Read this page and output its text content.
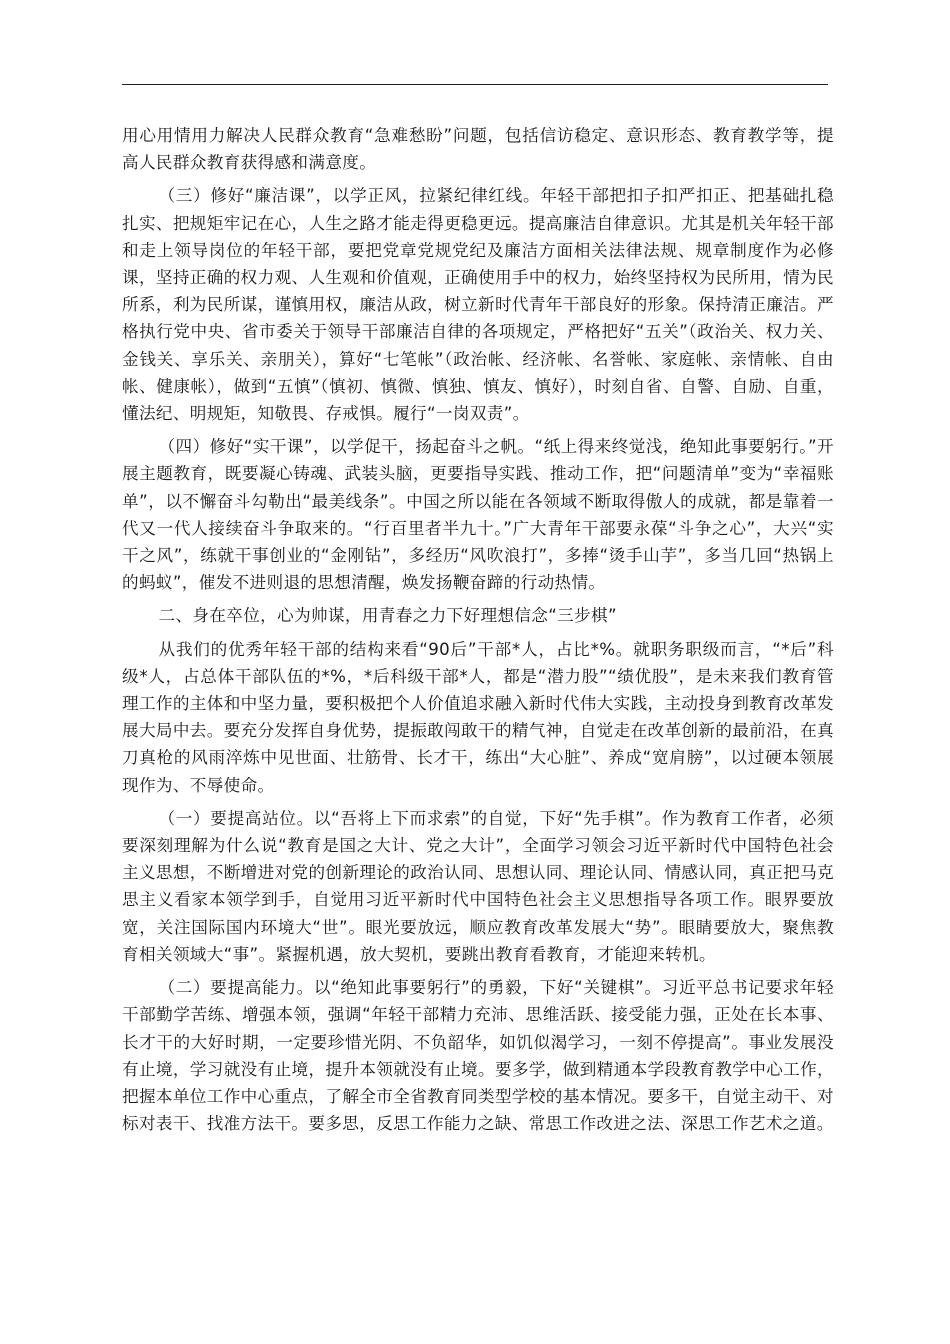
用心用情用力解决人民群众教育“急难愁盼”问题，包括信访稳定、意识形态、教育教学等，提高人民群众教育获得感和满意度。

（三）修好“廉洁课”，以学正风，拉紧纪律红线。年轻干部把扣子扣严扣正、把基础扎稳扎实、把规矩牢记在心，人生之路才能走得更稳更远。提高廉洁自律意识。尤其是机关年轻干部和走上领导岗位的年轻干部，要把党章党规党纪及廉洁方面相关法律法规、规章制度作为必修课，坚持正确的权力观、人生观和价值观，正确使用手中的权力，始终坚持权为民所用，情为民所系，利为民所谋，谨慎用权，廉洁从政，树立新时代青年干部良好的形象。保持清正廉洁。严格执行党中央、省市委关于领导干部廉洁自律的各项规定，严格把好“五关”（政治关、权力关、金钱关、享乐关、亲朋关），算好“七笔帐”（政治帐、经济帐、名誉帐、家庭帐、亲情帐、自由帐、健康帐），做到“五慎”（慎初、慎微、慎独、慎友、慎好），时刻自省、自警、自励、自重，懂法纪、明规矩，知敬畏、存戒惧。履行“一岗双责”。

（四）修好“实干课”，以学促干，扬起奋斗之帆。“纸上得来终觉浅，绝知此事要躬行。”开展主题教育，既要凝心铸魂、武装头脑，更要指导实践、推动工作，把“问题清单”变为“幸福账单”，以不懈奋斗勾勒出“最美线条”。中国之所以能在各领域不断取得傲人的成就，都是靠着一代又一代人接续奋斗争取来的。“行百里者半九十。”广大青年干部要永葆“斗争之心”，大兴“实干之风”，练就干事创业的“金刚钻”，多经历“风吹浪打”，多捧“烫手山芋”，多当几回“热锅上的蚂蚁”，催发不进则退的思想清醒，焕发扬鞭奋蹄的行动热情。

二、身在卒位，心为帅谋，用青春之力下好理想信念“三步棋”

从我们的优秀年轻干部的结构来看“90后”干部*人，占比*%。就职务职级而言，“*后”科级*人，占总体干部队伍的*%，*后科级干部*人，都是“潜力股”“绩优股”，是未来我们教育管理工作的主体和中坚力量，要积极把个人价值追求融入新时代伟大实践，主动投身到教育改革发展大局中去。要充分发挥自身优势，提振敢闯敢干的精气神，自觉走在改革创新的最前沿，在真刀真枪的风雨淬炼中见世面、壮筋骨、长才干，练出“大心脏”、养成“宽肩膀”，以过硬本领展现作为、不辱使命。

（一）要提高站位。以“吾将上下而求索”的自觉，下好“先手棋”。作为教育工作者，必须要深刻理解为什么说“教育是国之大计、党之大计”，全面学习领会习近平新时代中国特色社会主义思想，不断增进对党的创新理论的政治认同、思想认同、理论认同、情感认同，真正把马克思主义看家本领学到手，自觉用习近平新时代中国特色社会主义思想指导各项工作。眼界要放宽，关注国际国内环境大“世”。眼光要放远，顺应教育改革发展大“势”。眼睛要放大，聚焦教育相关领域大“事”。紧握机遇，放大契机，要跳出教育看教育，才能迎来转机。

（二）要提高能力。以“绝知此事要躬行”的勇毅，下好“关键棋”。习近平总书记要求年轻干部勤学苦练、增强本领，强调“年轻干部精力充沛、思维活跃、接受能力强，正处在长本事、长才干的大好时期，一定要珍惜光阴、不负韶华，如饥似渴学习，一刻不停提高”。事业发展没有止境，学习就没有止境，提升本领就没有止境。要多学，做到精通本学段教育教学中心工作，把握本单位工作中心重点，了解全市全省教育同类型学校的基本情况。要多干，自觉主动干、对标对表干、找准方法干。要多思，反思工作能力之缺、常思工作改进之法、深思工作艺术之道。
